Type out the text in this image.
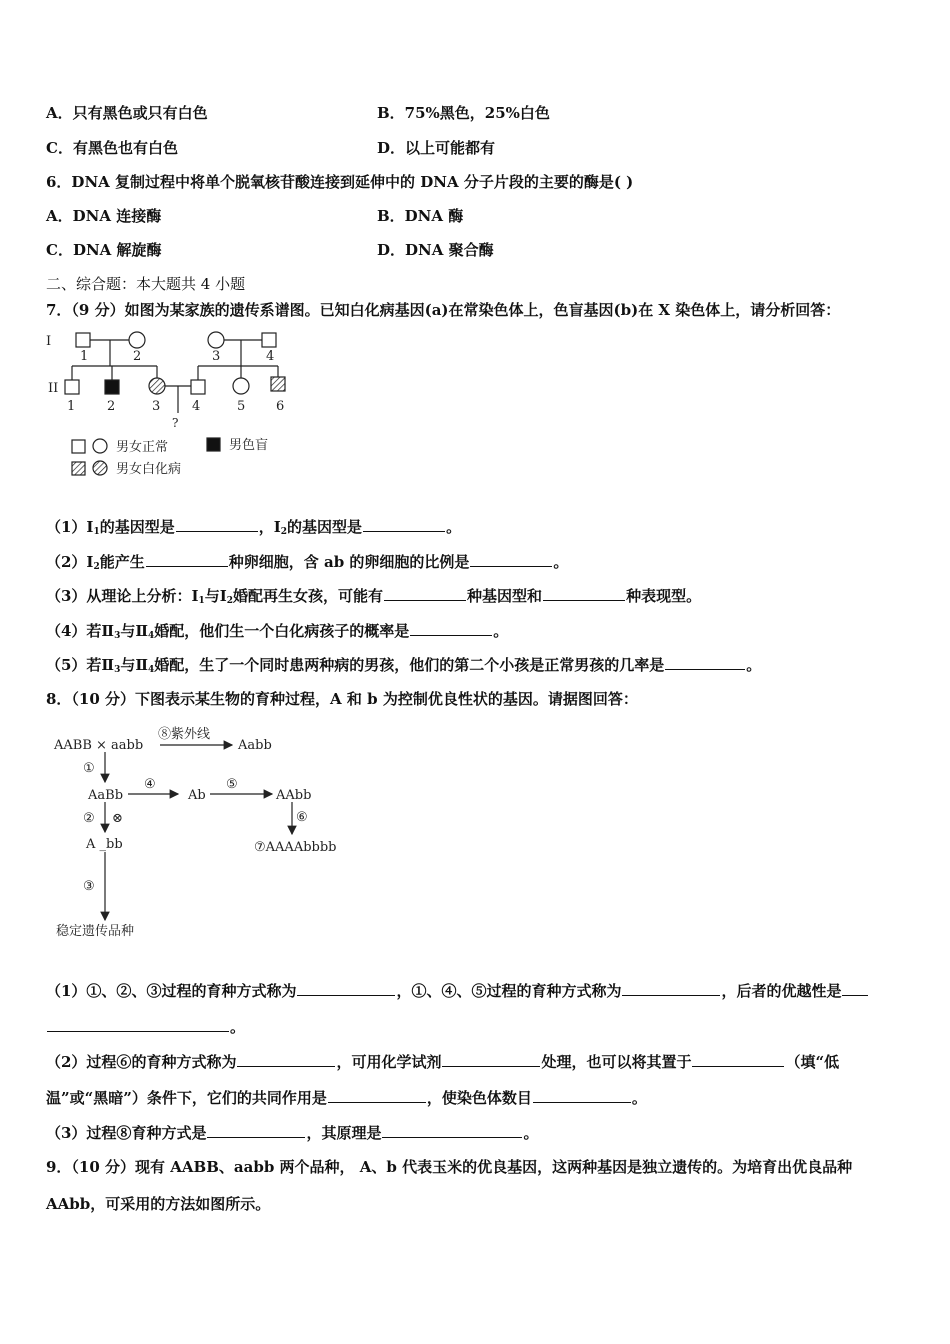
A．只有黑色或只有白色	B．75%黑色，25%白色
C．有黑色也有白色	D．以上可能都有
6．DNA 复制过程中将单个脱氧核苷酸连接到延伸中的 DNA 分子片段的主要的酶是( )
A．DNA 连接酶	B．DNA 酶
C．DNA 解旋酶	D．DNA 聚合酶
二、综合题：本大题共 4 小题
7．（9 分）如图为某家族的遗传系谱图。已知白化病基因(a)在常染色体上，色盲基因(b)在 X 染色体上，请分析回答：
I
II
1	2	3	4
1 2	3 4	5 6
?
男女正常	男色盲
男女白化病
$(1)Ⅰ_1$的基因型是	，$Ⅰ_2$的基因型是	。
$(2)Ⅰ_2$能产生	种卵细胞，含 ab 的卵细胞的比例是	。
（3）从理论上分析：$Ⅰ_1$与$Ⅰ_2$婚配再生女孩，可能有	种基因型和	种表现型。
（4）若$Ⅱ_3$与$Ⅱ_4$婚配，他们生一个白化病孩子的概率是	。
（5）若$Ⅱ_3$与$Ⅱ_4$婚配，生了一个同时患两种病的男孩，他们的第二个小孩是正常男孩的几率是	。
8．（10 分）下图表示某生物的育种过程，A 和 b 为控制优良性状的基因。请据图回答：
AABB × aabb
⑧紫外线
Aabb
①
AaBb
④
Ab
⑤
AAbb
② ⊗	⑥
A _bb	⑦AAAAbbbb
③
稳定遗传品种
（1）①、②、③过程的育种方式称为	，①、④、⑤过程的育种方式称为	，后者的优越性是
。
（2）过程⑥的育种方式称为	，可用化学试剂	处理，也可以将其置于	（填“低
温”或“黑暗”）条件下，它们的共同作用是	，使染色体数目	。
（3）过程⑧育种方式是	，其原理是	。
9．（10 分）现有 AABB、aabb 两个品种， A、b 代表玉米的优良基因，这两种基因是独立遗传的。为培育出优良品种
AAbb，可采用的方法如图所示。
